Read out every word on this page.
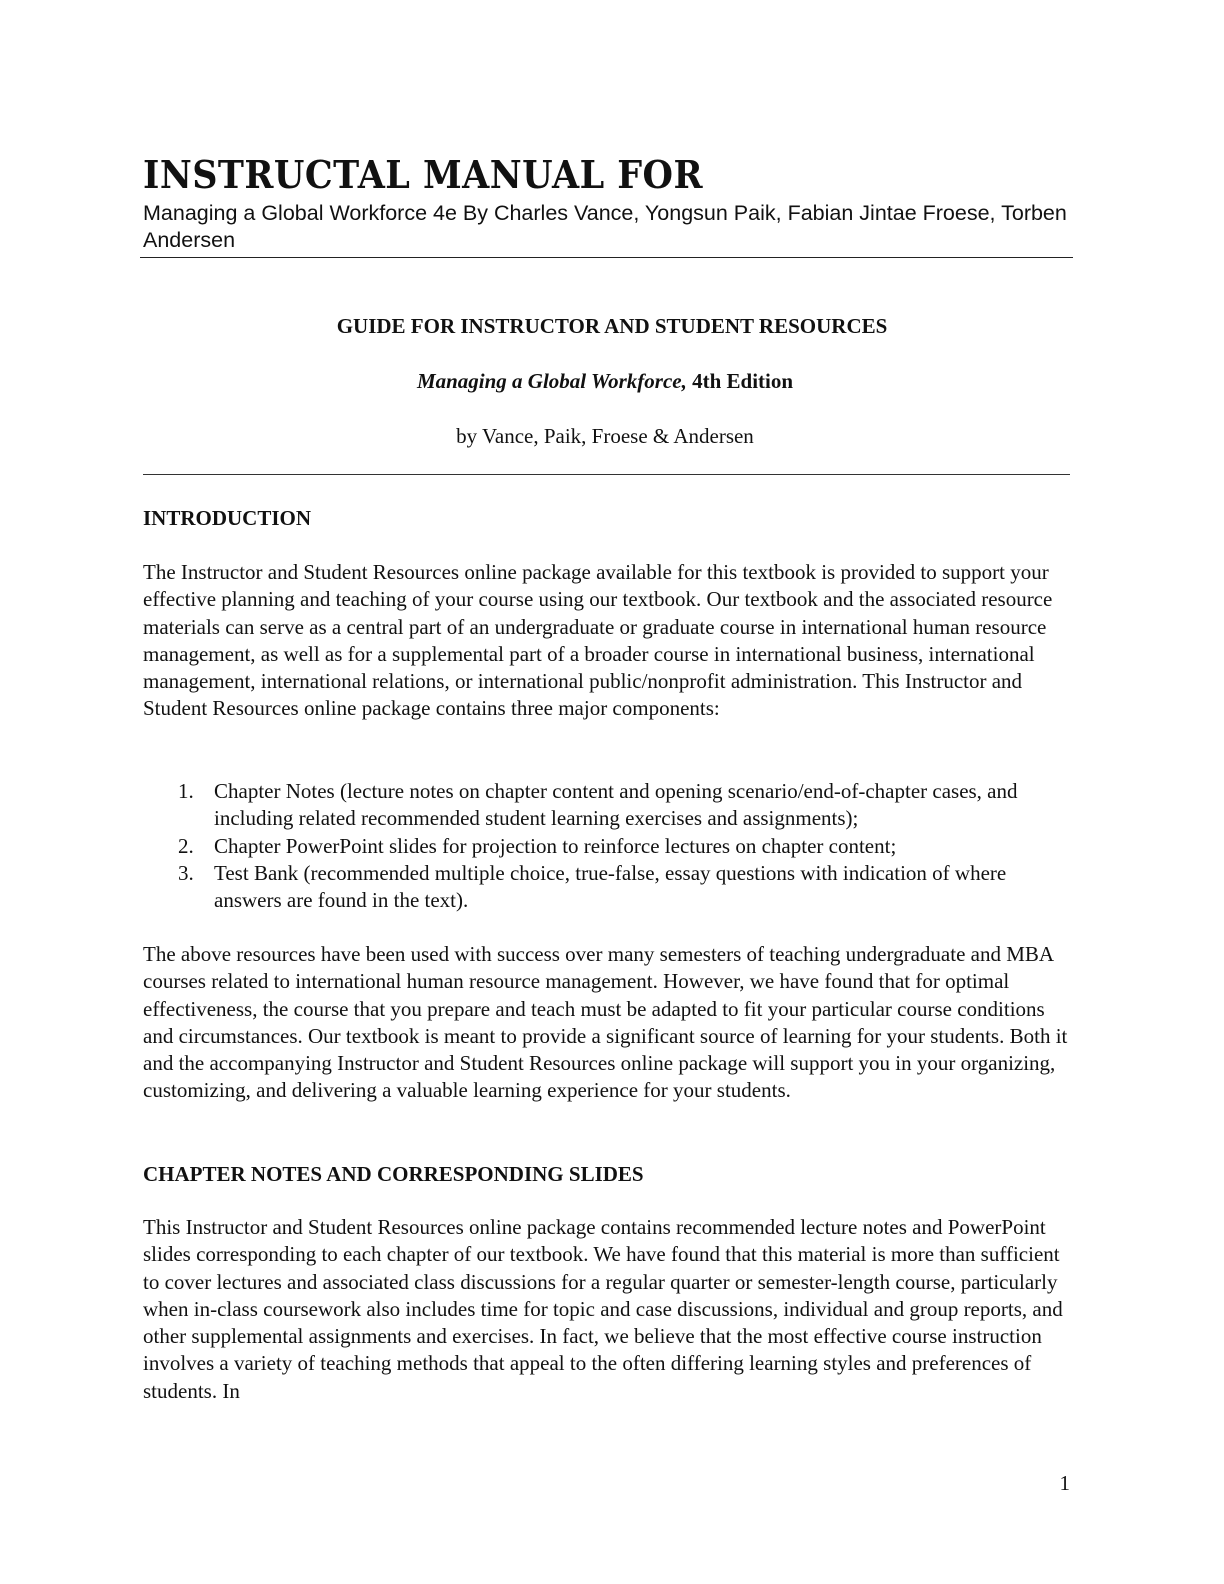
INSTRUCTAL MANUAL FOR
Managing a Global Workforce 4e By Charles Vance, Yongsun Paik, Fabian Jintae Froese, Torben Andersen
GUIDE FOR INSTRUCTOR AND STUDENT RESOURCES
Managing a Global Workforce, 4th Edition
by Vance, Paik, Froese & Andersen
INTRODUCTION

The Instructor and Student Resources online package available for this textbook is provided to support your effective planning and teaching of your course using our textbook. Our textbook and the associated resource materials can serve as a central part of an undergraduate or graduate course in international human resource management, as well as for a supplemental part of a broader course in international business, international management, international relations, or international public/nonprofit administration. This Instructor and Student Resources online package contains three major components:

1. Chapter Notes (lecture notes on chapter content and opening scenario/end-of-chapter cases, and including related recommended student learning exercises and assignments);
2. Chapter PowerPoint slides for projection to reinforce lectures on chapter content;
3. Test Bank (recommended multiple choice, true-false, essay questions with indication of where answers are found in the text).

The above resources have been used with success over many semesters of teaching undergraduate and MBA courses related to international human resource management. However, we have found that for optimal effectiveness, the course that you prepare and teach must be adapted to fit your particular course conditions and circumstances. Our textbook is meant to provide a significant source of learning for your students. Both it and the accompanying Instructor and Student Resources online package will support you in your organizing, customizing, and delivering a valuable learning experience for your students.

CHAPTER NOTES AND CORRESPONDING SLIDES

This Instructor and Student Resources online package contains recommended lecture notes and PowerPoint slides corresponding to each chapter of our textbook. We have found that this material is more than sufficient to cover lectures and associated class discussions for a regular quarter or semester-length course, particularly when in-class coursework also includes time for topic and case discussions, individual and group reports, and other supplemental assignments and exercises. In fact, we believe that the most effective course instruction involves a variety of teaching methods that appeal to the often differing learning styles and preferences of students. In

1
